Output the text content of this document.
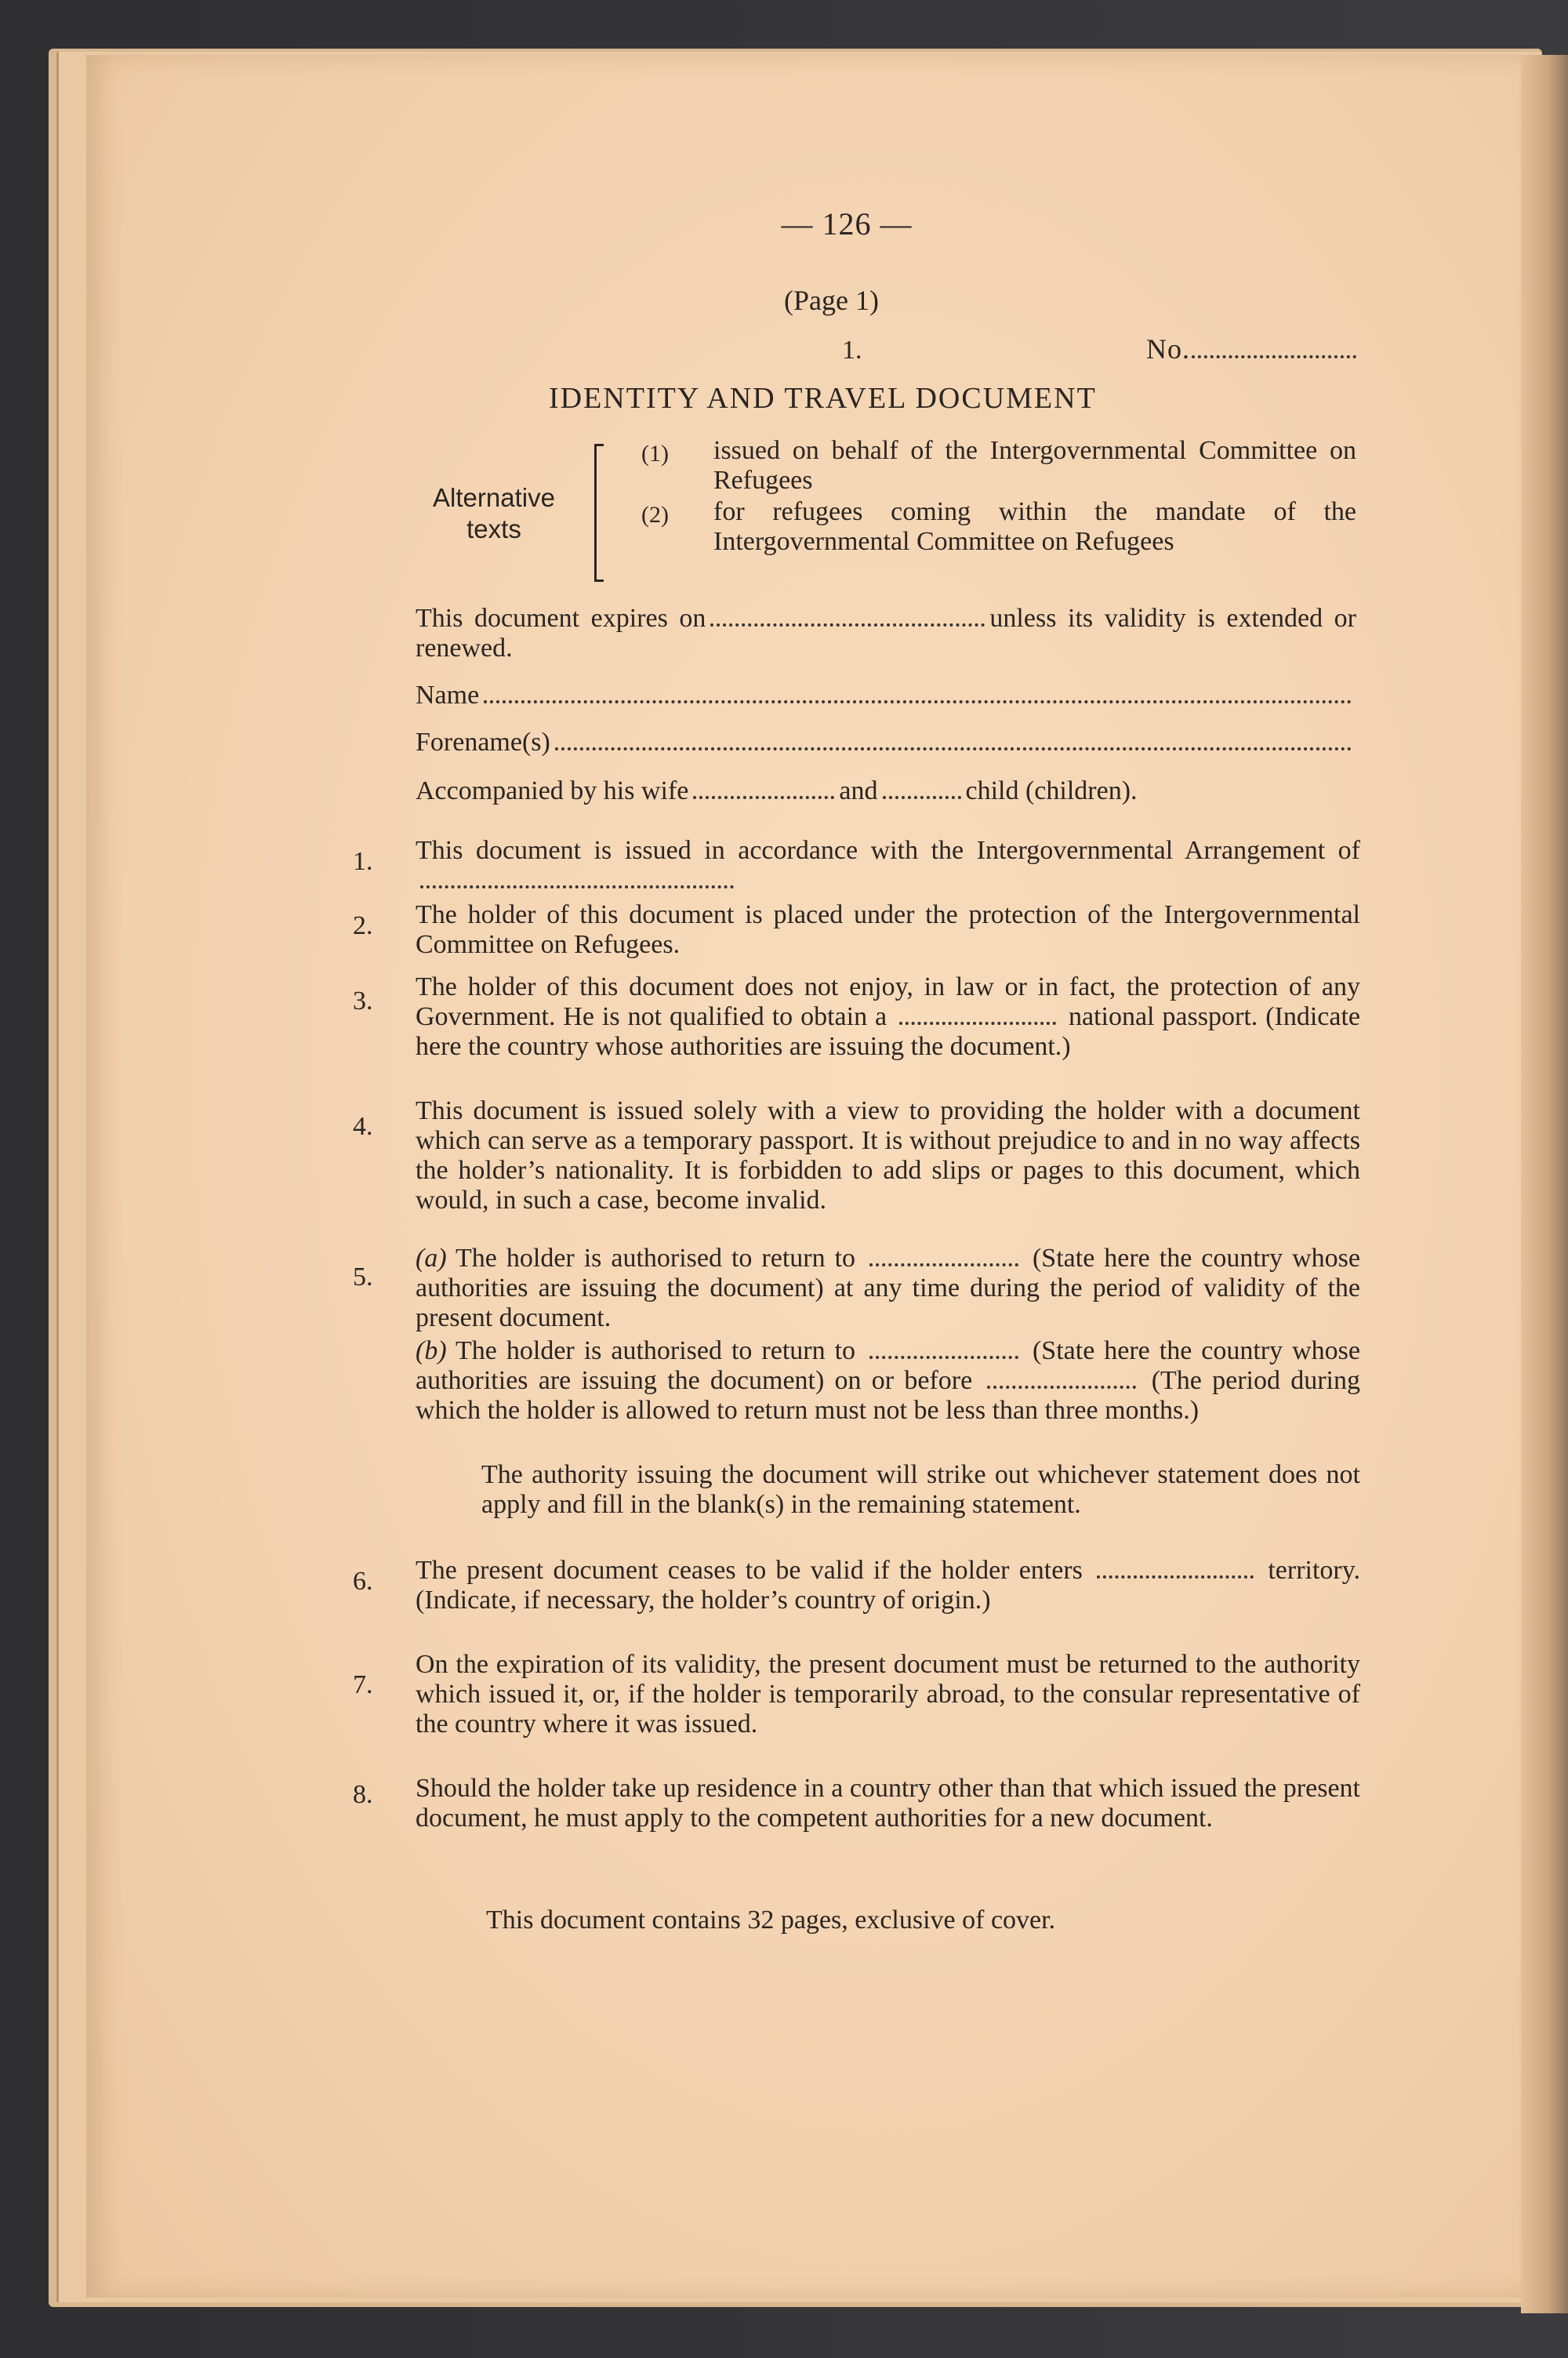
— 126 —
(Page 1)
1.	No.
IDENTITY AND TRAVEL DOCUMENT
Alternative texts
(1) issued on behalf of the Intergovernmental Committee on Refugees
(2) for refugees coming within the mandate of the Intergovernmental Committee on Refugees
This document expires on	unless its validity is extended or renewed.
Name
Forename(s)
Accompanied by his wife	and	child (children).
1. This document is issued in accordance with the Intergovernmental Arrangement of
2. The holder of this document is placed under the protection of the Intergovernmental Committee on Refugees.
3. The holder of this document does not enjoy, in law or in fact, the protection of any Government. He is not qualified to obtain a	national passport. (Indicate here the country whose authorities are issuing the document.)
4.
This document is issued solely with a view to providing the holder with a document which can serve as a temporary passport. It is without prejudice to and in no way affects the holder’s nationality. It is forbidden to add slips or pages to this document, which would, in such a case, become invalid.
5.
(a) The holder is authorised to return to	(State here the country whose authorities are issuing the document) at any time during the period of validity of the present document.
(b) The holder is authorised to return to	(State here the country whose authorities are issuing the document) on or before	(The period during which the holder is allowed to return must not be less than three months.)
The authority issuing the document will strike out whichever statement does not apply and fill in the blank(s) in the remaining statement.
6. The present document ceases to be valid if the holder enters	territory. (Indicate, if necessary, the holder’s country of origin.)
7.
On the expiration of its validity, the present document must be returned to the authority which issued it, or, if the holder is temporarily abroad, to the consular representative of the country where it was issued.
8. Should the holder take up residence in a country other than that which issued the present document, he must apply to the competent authorities for a new document.
This document contains 32 pages, exclusive of cover.
